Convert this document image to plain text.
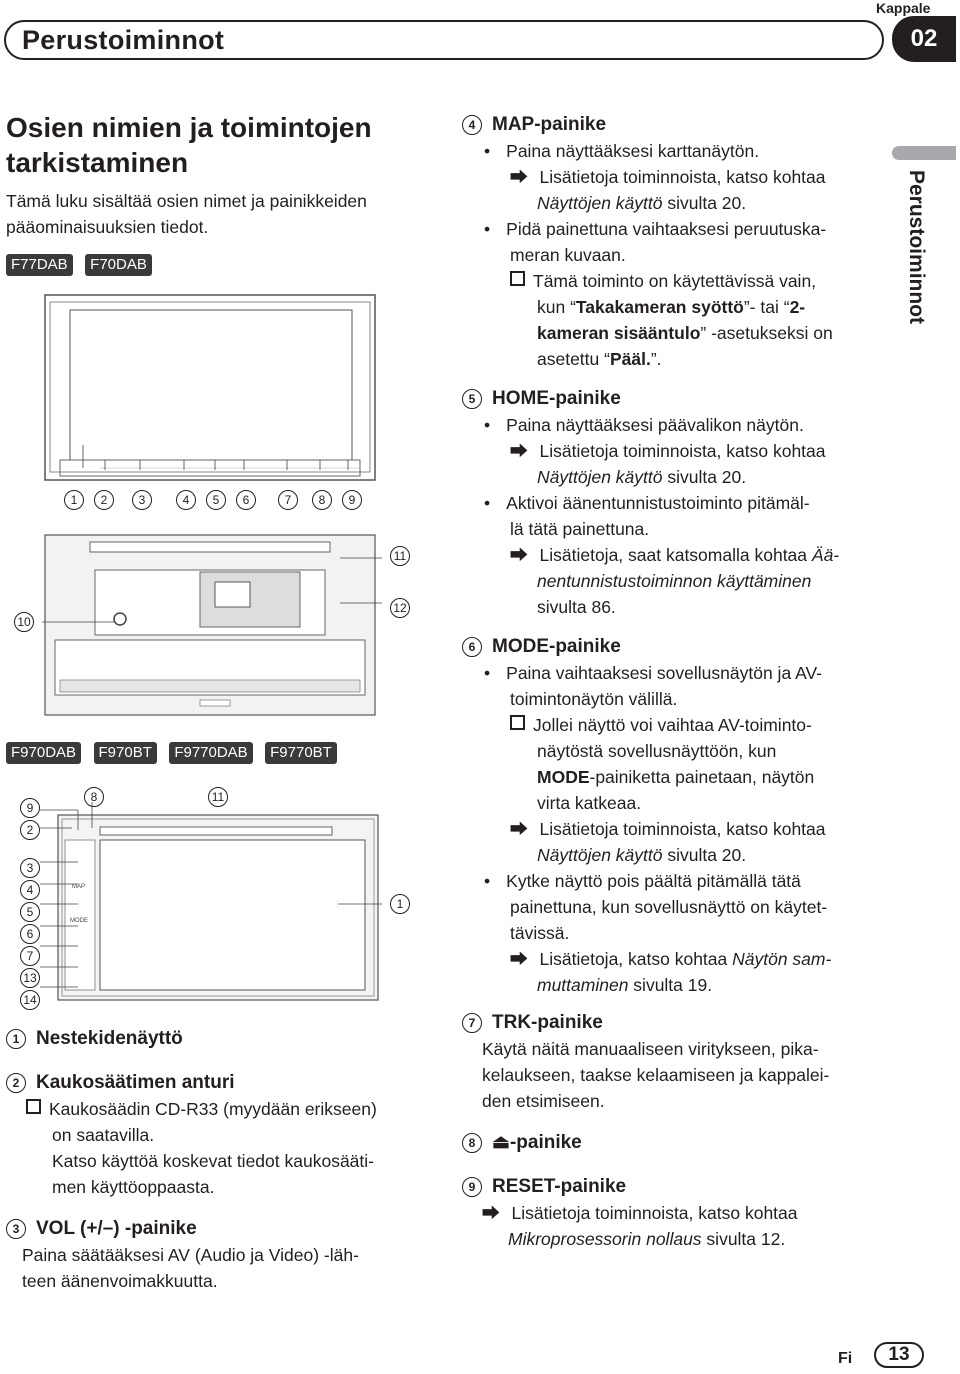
Perustoiminnot
Kappale
02
Perustoiminnot
Osien nimien ja toimintojen tarkistaminen
Tämä luku sisältää osien nimet ja painikkeiden pääominaisuuksien tiedot.
F77DAB F70DAB
1 2	3	4 5 6	7 8 9
10
11
12
F970DAB F970BT F9770DAB F9770BT
MAP
MODE
9
2
3
4
5
6
7
13
14
8	11
1
1 Nestekidenäyttö
2 Kaukosäätimen anturi
Kaukosäädin CD-R33 (myydään erikseen)
on saatavilla.
Katso käyttöä koskevat tiedot kaukosääti-
men käyttöoppaasta.
3 VOL (+/–) -painike
Paina säätääksesi AV (Audio ja Video) -läh-
teen äänenvoimakkuutta.
4 MAP-painike
• Paina näyttääksesi karttanäytön.
⮕ Lisätietoja toiminnoista, katso kohtaa
Näyttöjen käyttö sivulta 20.
• Pidä painettuna vaihtaaksesi peruutuska-
meran kuvaan.
Tämä toiminto on käytettävissä vain,
kun “Takakameran syöttö”- tai “2-
kameran sisääntulo” -asetukseksi on
asetettu “Pääl.”.
5 HOME-painike
• Paina näyttääksesi päävalikon näytön.
⮕ Lisätietoja toiminnoista, katso kohtaa
Näyttöjen käyttö sivulta 20.
• Aktivoi äänentunnistustoiminto pitämäl-
lä tätä painettuna.
⮕ Lisätietoja, saat katsomalla kohtaa Ää-
nentunnistustoiminnon käyttäminen
sivulta 86.
6 MODE-painike
• Paina vaihtaaksesi sovellusnäytön ja AV-
toimintonäytön välillä.
Jollei näyttö voi vaihtaa AV-toiminto-
näytöstä sovellusnäyttöön, kun
MODE-painiketta painetaan, näytön
virta katkeaa.
⮕ Lisätietoja toiminnoista, katso kohtaa
Näyttöjen käyttö sivulta 20.
• Kytke näyttö pois päältä pitämällä tätä
painettuna, kun sovellusnäyttö on käytet-
tävissä.
⮕ Lisätietoja, katso kohtaa Näytön sam-
muttaminen sivulta 19.
7 TRK-painike
Käytä näitä manuaaliseen viritykseen, pika-
kelaukseen, taakse kelaamiseen ja kappalei-
den etsimiseen.
8 ⏏-painike
9 RESET-painike
⮕ Lisätietoja toiminnoista, katso kohtaa
Mikroprosessorin nollaus sivulta 12.
Fi	13
